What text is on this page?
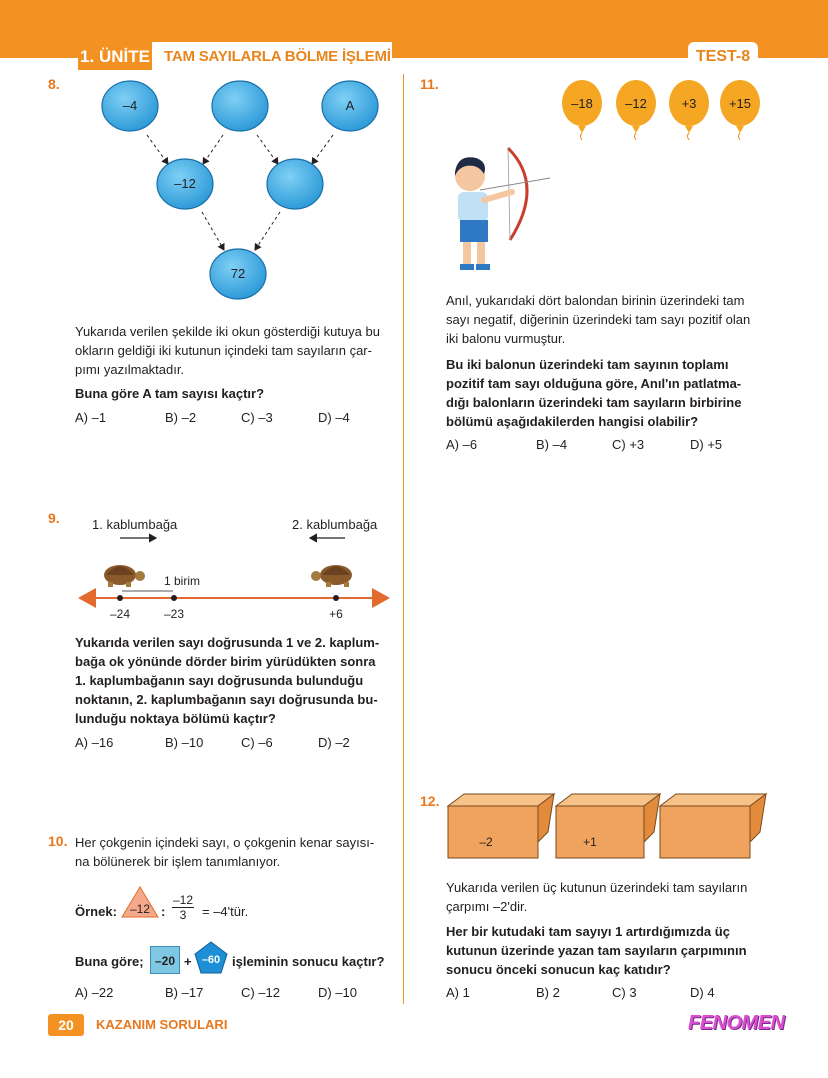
1. ÜNİTE TAM SAYILARLA BÖLME İŞLEMİ	TEST-8
8.
–4	A
–12
72
Yukarıda verilen şekilde iki okun gösterdiği kutuya bu
okların geldiği iki kutunun içindeki tam sayıların çar-
pımı yazılmaktadır.
Buna göre A tam sayısı kaçtır?
A) –1	B) –2	C) –3	D) –4
9. 1. kablumbağa	2. kablumbağa
1 birim
–24	–23	+6
Yukarıda verilen sayı doğrusunda 1 ve 2. kaplum-
bağa ok yönünde dörder birim yürüdükten sonra
1. kaplumbağanın sayı doğrusunda bulunduğu
noktanın, 2. kaplumbağanın sayı doğrusunda bu-
lunduğu noktaya bölümü kaçtır?
A) –16	B) –10	C) –6	D) –2
10. Her çokgenin içindeki sayı, o çokgenin kenar sayısı-
na bölünerek bir işlem tanımlanıyor.
Örnek: –12 : $\frac{-12}{3}$ = –4'tür.
Buna göre; –20 + –60 işleminin sonucu kaçtır?
A) –22	B) –17	C) –12	D) –10
11.
–18 –12	+3	+15
Anıl, yukarıdaki dört balondan birinin üzerindeki tam
sayı negatif, diğerinin üzerindeki tam sayı pozitif olan
iki balonu vurmuştur.
Bu iki balonun üzerindeki tam sayının toplamı
pozitif tam sayı olduğuna göre, Anıl'ın patlatma-
dığı balonların üzerindeki tam sayıların birbirine
bölümü aşağıdakilerden hangisi olabilir?
A) –6	B) –4	C) +3	D) +5
12.
–2	+1
Yukarıda verilen üç kutunun üzerindeki tam sayıların
çarpımı –2'dir.
Her bir kutudaki tam sayıyı 1 artırdığımızda üç
kutunun üzerinde yazan tam sayıların çarpımının
sonucu önceki sonucun kaç katıdır?
A) 1	B) 2	C) 3	D) 4
20	KAZANIM SORULARI	FENOMEN
